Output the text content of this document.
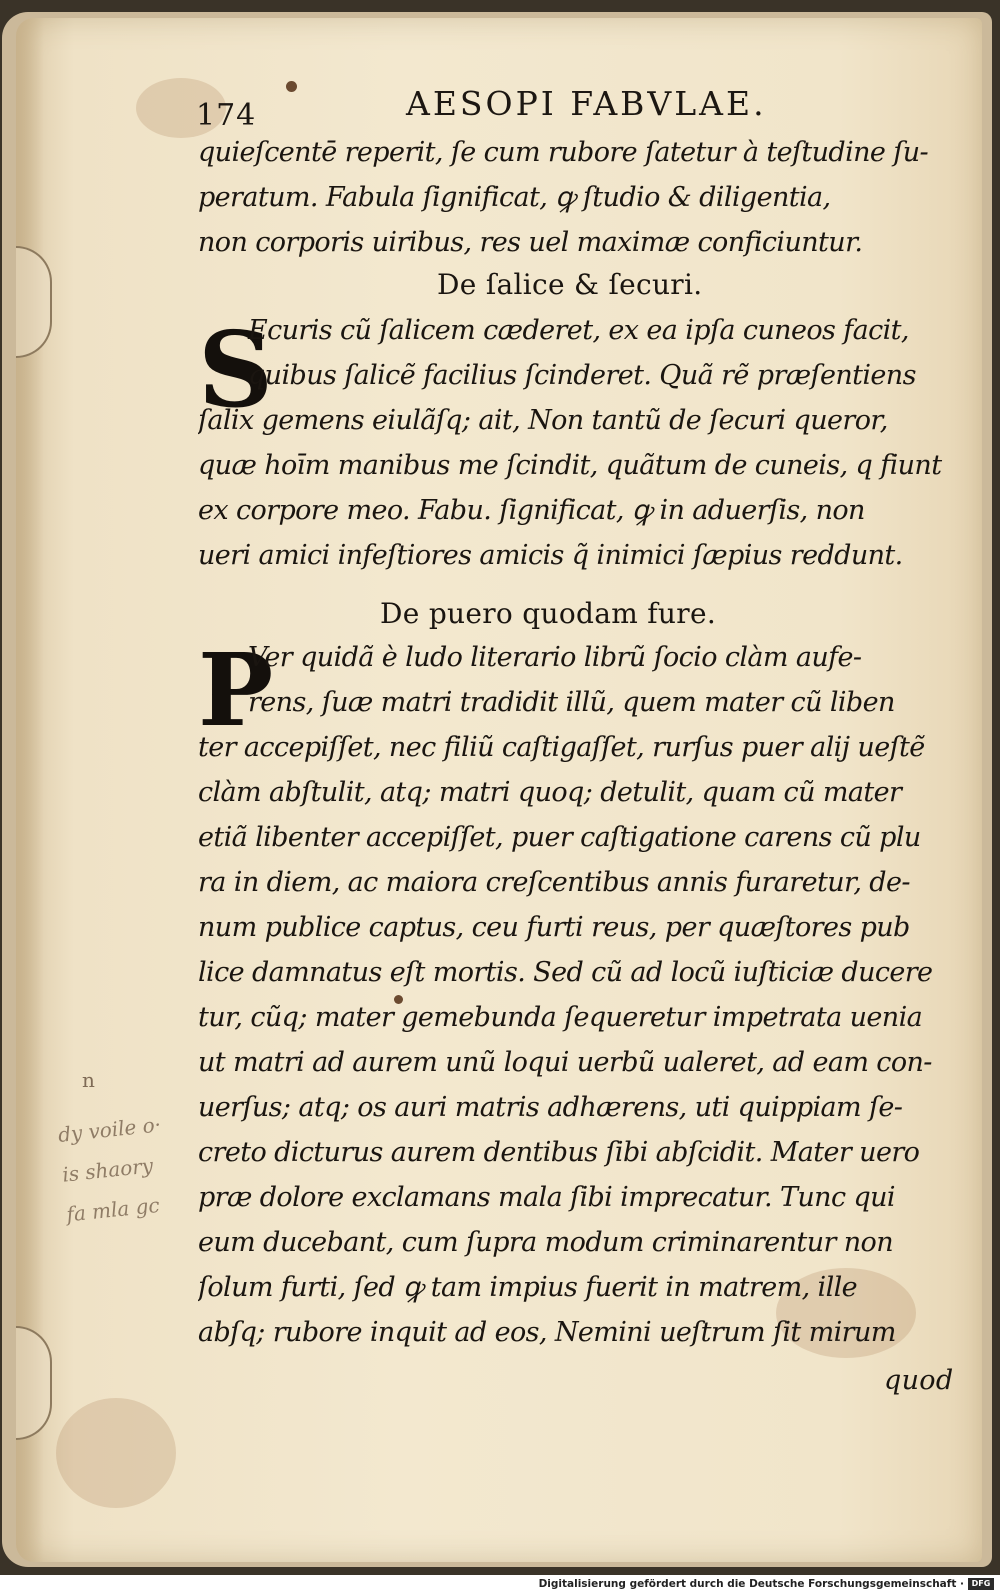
174	AESOPI FABVLAE.
quieſcentē reperit, ſe cum rubore ſatetur à teſtudine ſu-
peratum. Fabula ſignificat, ꝙ ſtudio & diligentia,
non corporis uiribus, res uel maximæ conficiuntur.
De ſalice & ſecuri.
S
Ecuris cũ ſalicem cæderet, ex ea ipſa cuneos facit,
quibus ſalicẽ facilius ſcinderet. Quã rẽ præſentiens
ſalix gemens eiulãſq; ait, Non tantũ de ſecuri queror,
quæ hoīm manibus me ſcindit, quãtum de cuneis, q fiunt
ex corpore meo. Fabu. ſignificat, ꝙ in aduerſis, non
ueri amici infeſtiores amicis q̃ inimici ſæpius reddunt.
De puero quodam fure.
P
Ver quidã è ludo literario librũ ſocio clàm aufe-
rens, ſuæ matri tradidit illũ, quem mater cũ liben
ter accepiſſet, nec filiũ caſtigaſſet, rurſus puer alij ueſtẽ
clàm abſtulit, atq; matri quoq; detulit, quam cũ mater
etiã libenter accepiſſet, puer caſtigatione carens cũ plu
ra in diem, ac maiora creſcentibus annis furaretur, de-
num publice captus, ceu furti reus, per quæſtores pub
lice damnatus eſt mortis. Sed cũ ad locũ iuſticiæ ducere
tur, cũq; mater gemebunda ſequeretur impetrata uenia
ut matri ad aurem unũ loqui uerbũ ualeret, ad eam con-
uerſus; atq; os auri matris adhærens, uti quippiam ſe-
creto dicturus aurem dentibus ſibi abſcidit. Mater uero
præ dolore exclamans mala ſibi imprecatur. Tunc qui
eum ducebant, cum ſupra modum criminarentur non
ſolum furti, ſed ꝙ tam impius fuerit in matrem, ille
abſq; rubore inquit ad eos, Nemini ueſtrum ſit mirum
quod
n
dy voile o·
is shaory
fa mla gc
Digitalisierung gefördert durch die Deutsche Forschungsgemeinschaft · DFG
